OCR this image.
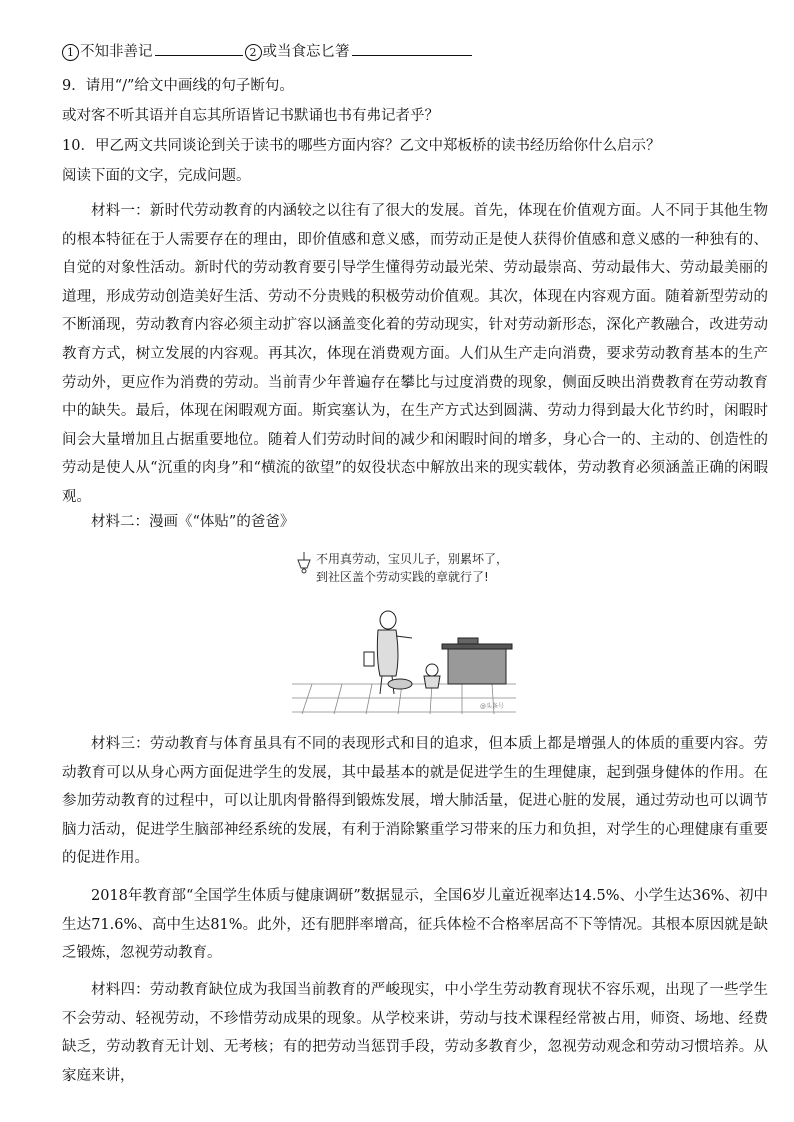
1 不知非善记	2 或当食忘匕箸
9．请用“/”给文中画线的句子断句。
或对客不听其语并自忘其所语皆记书默诵也书有弗记者乎？
10．甲乙两文共同谈论到关于读书的哪些方面内容？乙文中郑板桥的读书经历给你什么启示？
阅读下面的文字，完成问题。
材料一：新时代劳动教育的内涵较之以往有了很大的发展。首先，体现在价值观方面。人不同于其他生物的根本特征在于人需要存在的理由，即价值感和意义感，而劳动正是使人获得价值感和意义感的一种独有的、自觉的对象性活动。新时代的劳动教育要引导学生懂得劳动最光荣、劳动最崇高、劳动最伟大、劳动最美丽的道理，形成劳动创造美好生活、劳动不分贵贱的积极劳动价值观。其次，体现在内容观方面。随着新型劳动的不断涌现，劳动教育内容必须主动扩容以涵盖变化着的劳动现实，针对劳动新形态，深化产教融合，改进劳动教育方式，树立发展的内容观。再其次，体现在消费观方面。人们从生产走向消费，要求劳动教育基本的生产劳动外，更应作为消费的劳动。当前青少年普遍存在攀比与过度消费的现象，侧面反映出消费教育在劳动教育中的缺失。最后，体现在闲暇观方面。斯宾塞认为，在生产方式达到圆满、劳动力得到最大化节约时，闲暇时间会大量增加且占据重要地位。随着人们劳动时间的减少和闲暇时间的增多，身心合一的、主动的、创造性的劳动是使人从“沉重的肉身”和“横流的欲望”的奴役状态中解放出来的现实载体，劳动教育必须涵盖正确的闲暇观。
材料二：漫画《“体贴”的爸爸》
不用真劳动，宝贝儿子，别累坏了，
到社区盖个劳动实践的章就行了!
@头条号
材料三：劳动教育与体育虽具有不同的表现形式和目的追求，但本质上都是增强人的体质的重要内容。劳动教育可以从身心两方面促进学生的发展，其中最基本的就是促进学生的生理健康，起到强身健体的作用。在参加劳动教育的过程中，可以让肌肉骨骼得到锻炼发展，增大肺活量，促进心脏的发展，通过劳动也可以调节脑力活动，促进学生脑部神经系统的发展，有利于消除繁重学习带来的压力和负担，对学生的心理健康有重要的促进作用。
2018年教育部“全国学生体质与健康调研”数据显示，全国6岁儿童近视率达14.5%、小学生达36%、初中生达71.6%、高中生达81%。此外，还有肥胖率增高，征兵体检不合格率居高不下等情况。其根本原因就是缺乏锻炼，忽视劳动教育。
材料四：劳动教育缺位成为我国当前教育的严峻现实，中小学生劳动教育现状不容乐观，出现了一些学生不会劳动、轻视劳动，不珍惜劳动成果的现象。从学校来讲，劳动与技术课程经常被占用，师资、场地、经费缺乏，劳动教育无计划、无考核；有的把劳动当惩罚手段，劳动多教育少，忽视劳动观念和劳动习惯培养。从家庭来讲，
